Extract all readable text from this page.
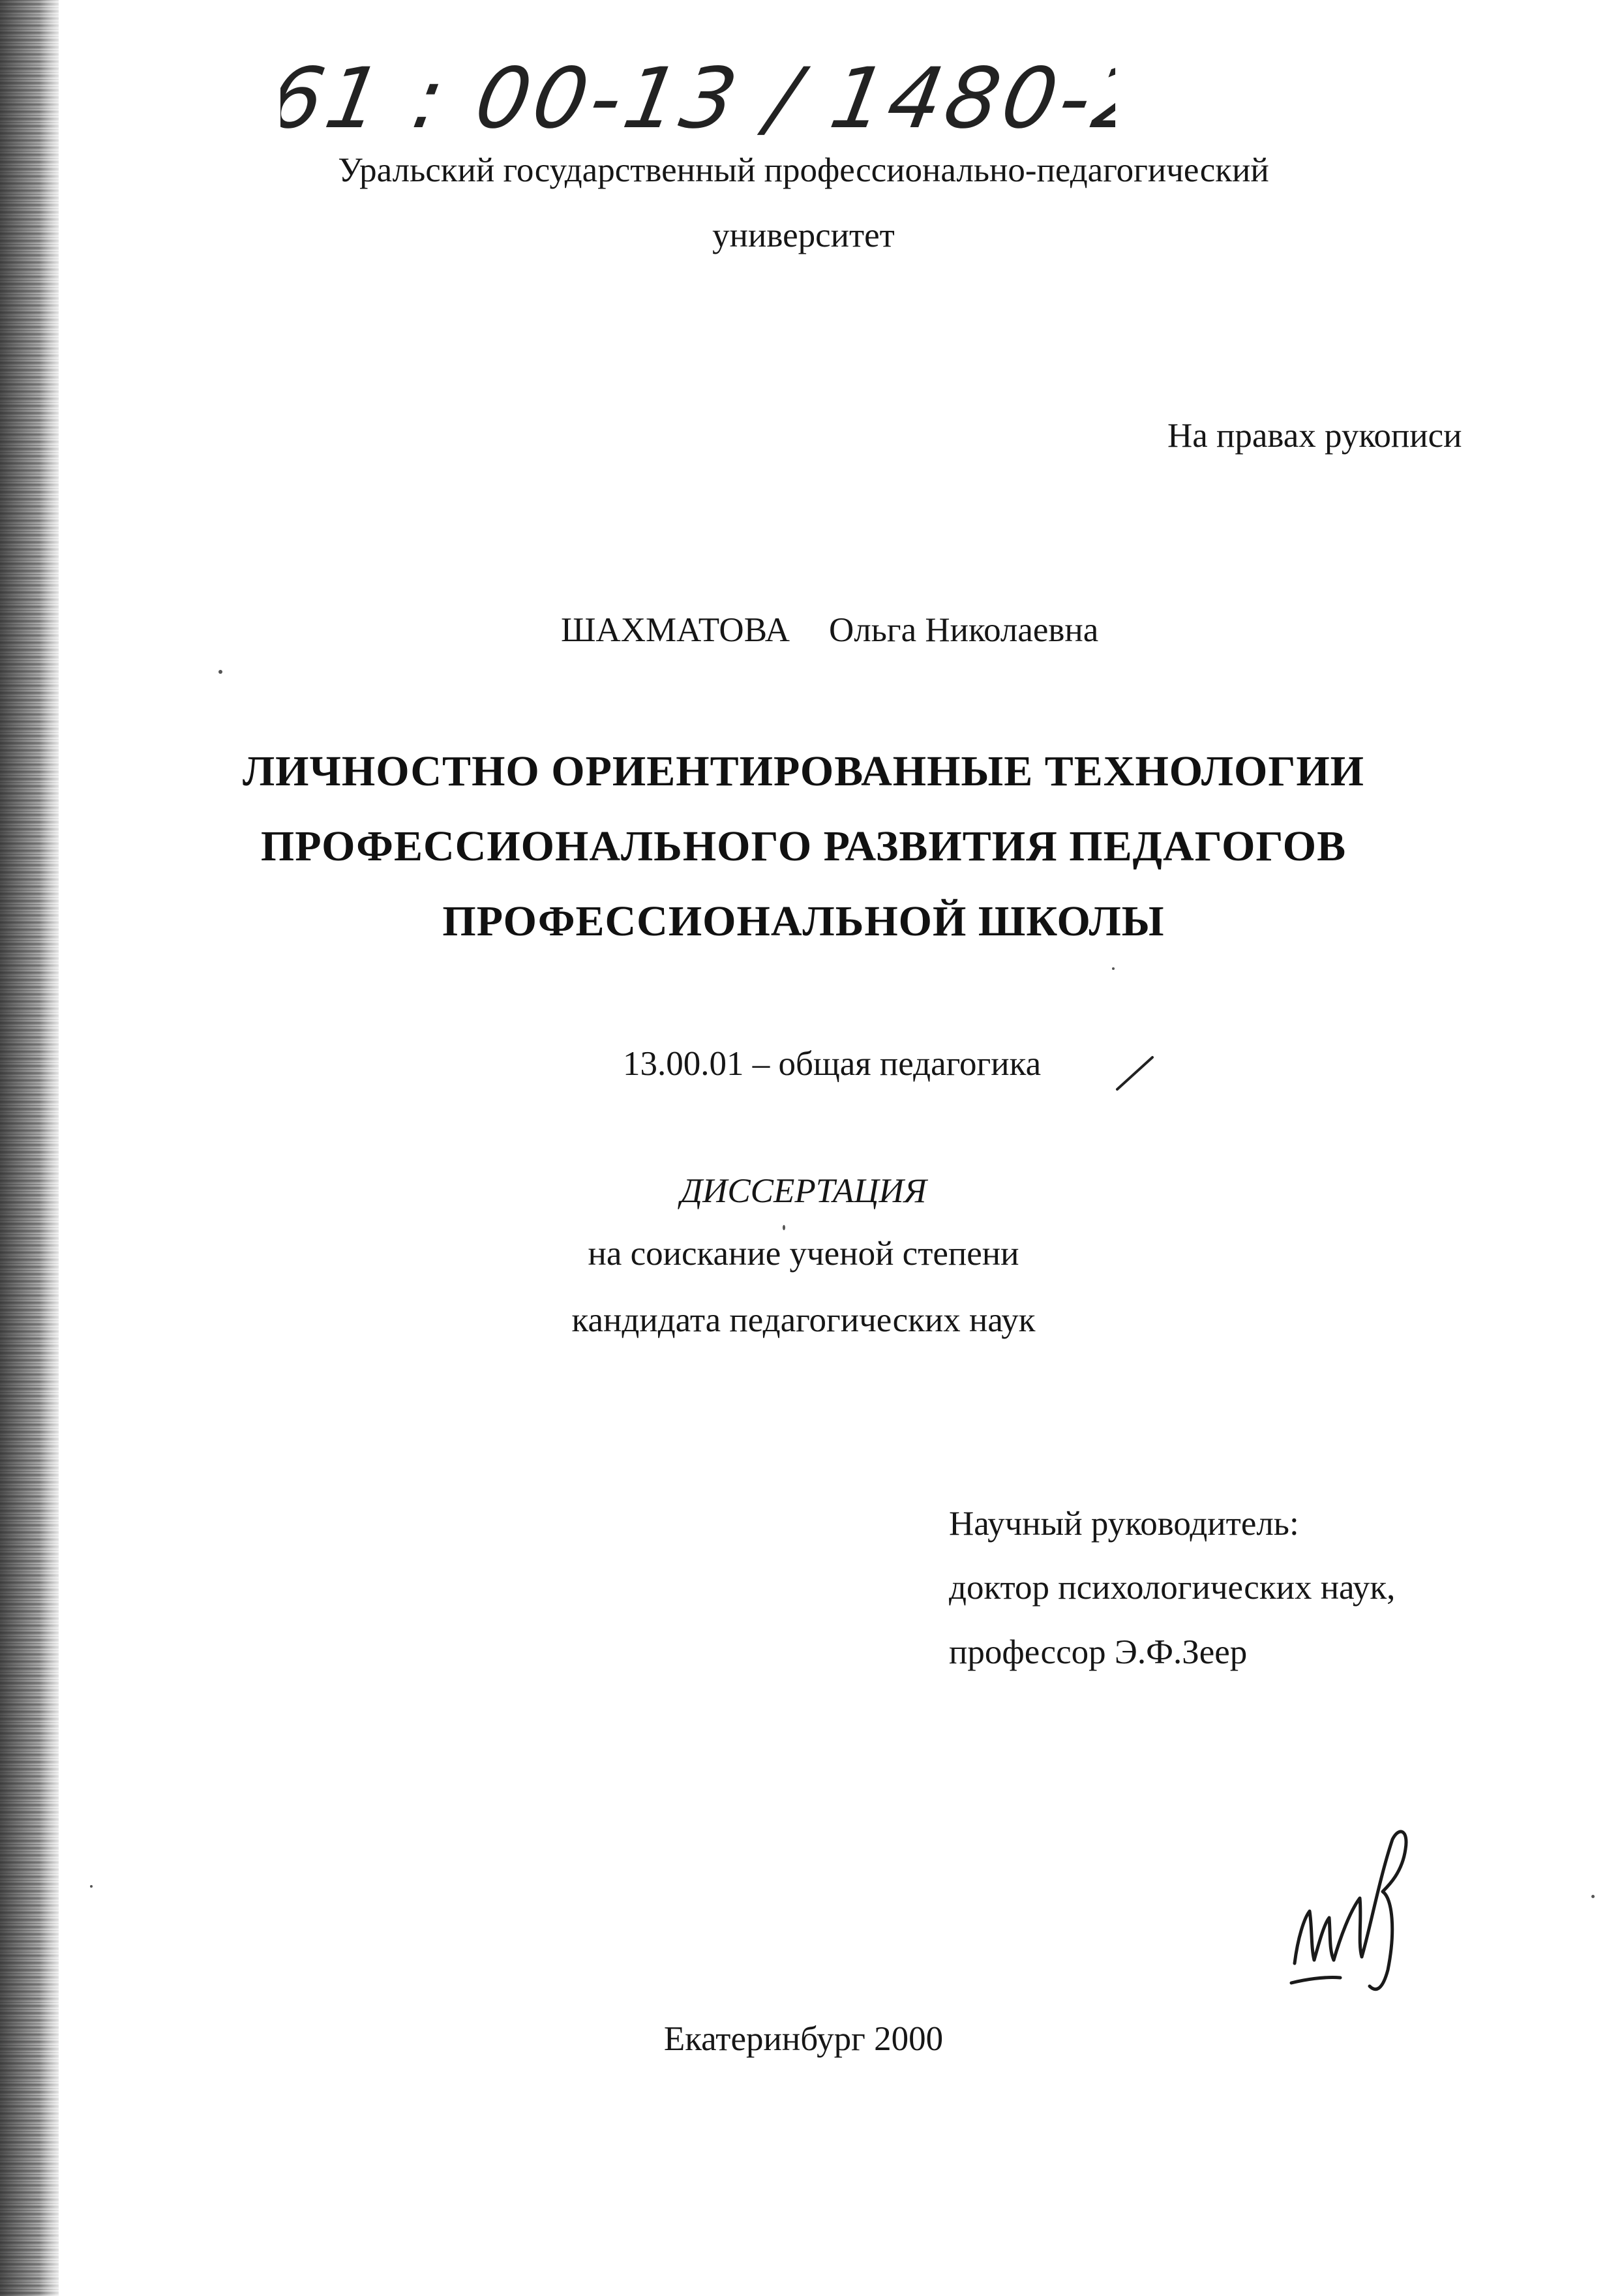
61 : 00-13 / 1480-2
Уральский государственный профессионально-педагогический
университет
На правах рукописи
ШАХМАТОВА Ольга Николаевна
ЛИЧНОСТНО ОРИЕНТИРОВАННЫЕ ТЕХНОЛОГИИ
ПРОФЕССИОНАЛЬНОГО РАЗВИТИЯ ПЕДАГОГОВ
ПРОФЕССИОНАЛЬНОЙ ШКОЛЫ
13.00.01 – общая педагогика
ДИССЕРТАЦИЯ
на соискание ученой степени
кандидата педагогических наук
Научный руководитель:
доктор психологических наук,
профессор Э.Ф.Зеер
Екатеринбург 2000
